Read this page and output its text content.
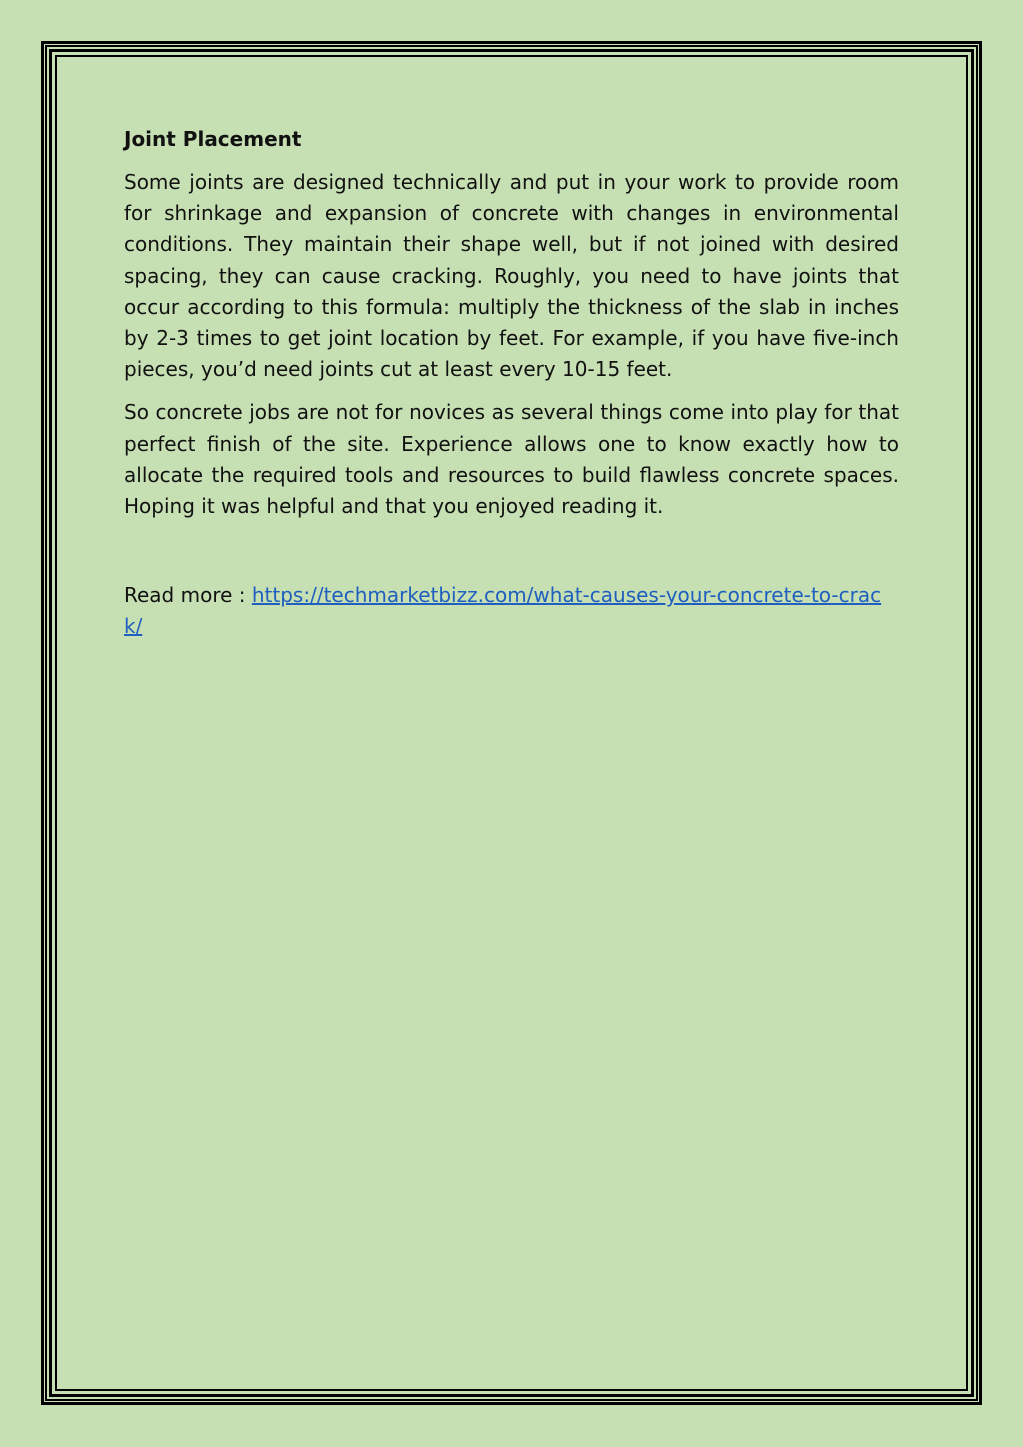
Joint Placement

Some joints are designed technically and put in your work to provide room for shrinkage and expansion of concrete with changes in environmental conditions. They maintain their shape well, but if not joined with desired spacing, they can cause cracking. Roughly, you need to have joints that occur according to this formula: multiply the thickness of the slab in inches by 2-3 times to get joint location by feet. For example, if you have five-inch pieces, you’d need joints cut at least every 10-15 feet.

So concrete jobs are not for novices as several things come into play for that perfect finish of the site. Experience allows one to know exactly how to allocate the required tools and resources to build flawless concrete spaces. Hoping it was helpful and that you enjoyed reading it.

Read more : https://techmarketbizz.com/what-causes-your-concrete-to-crack/
